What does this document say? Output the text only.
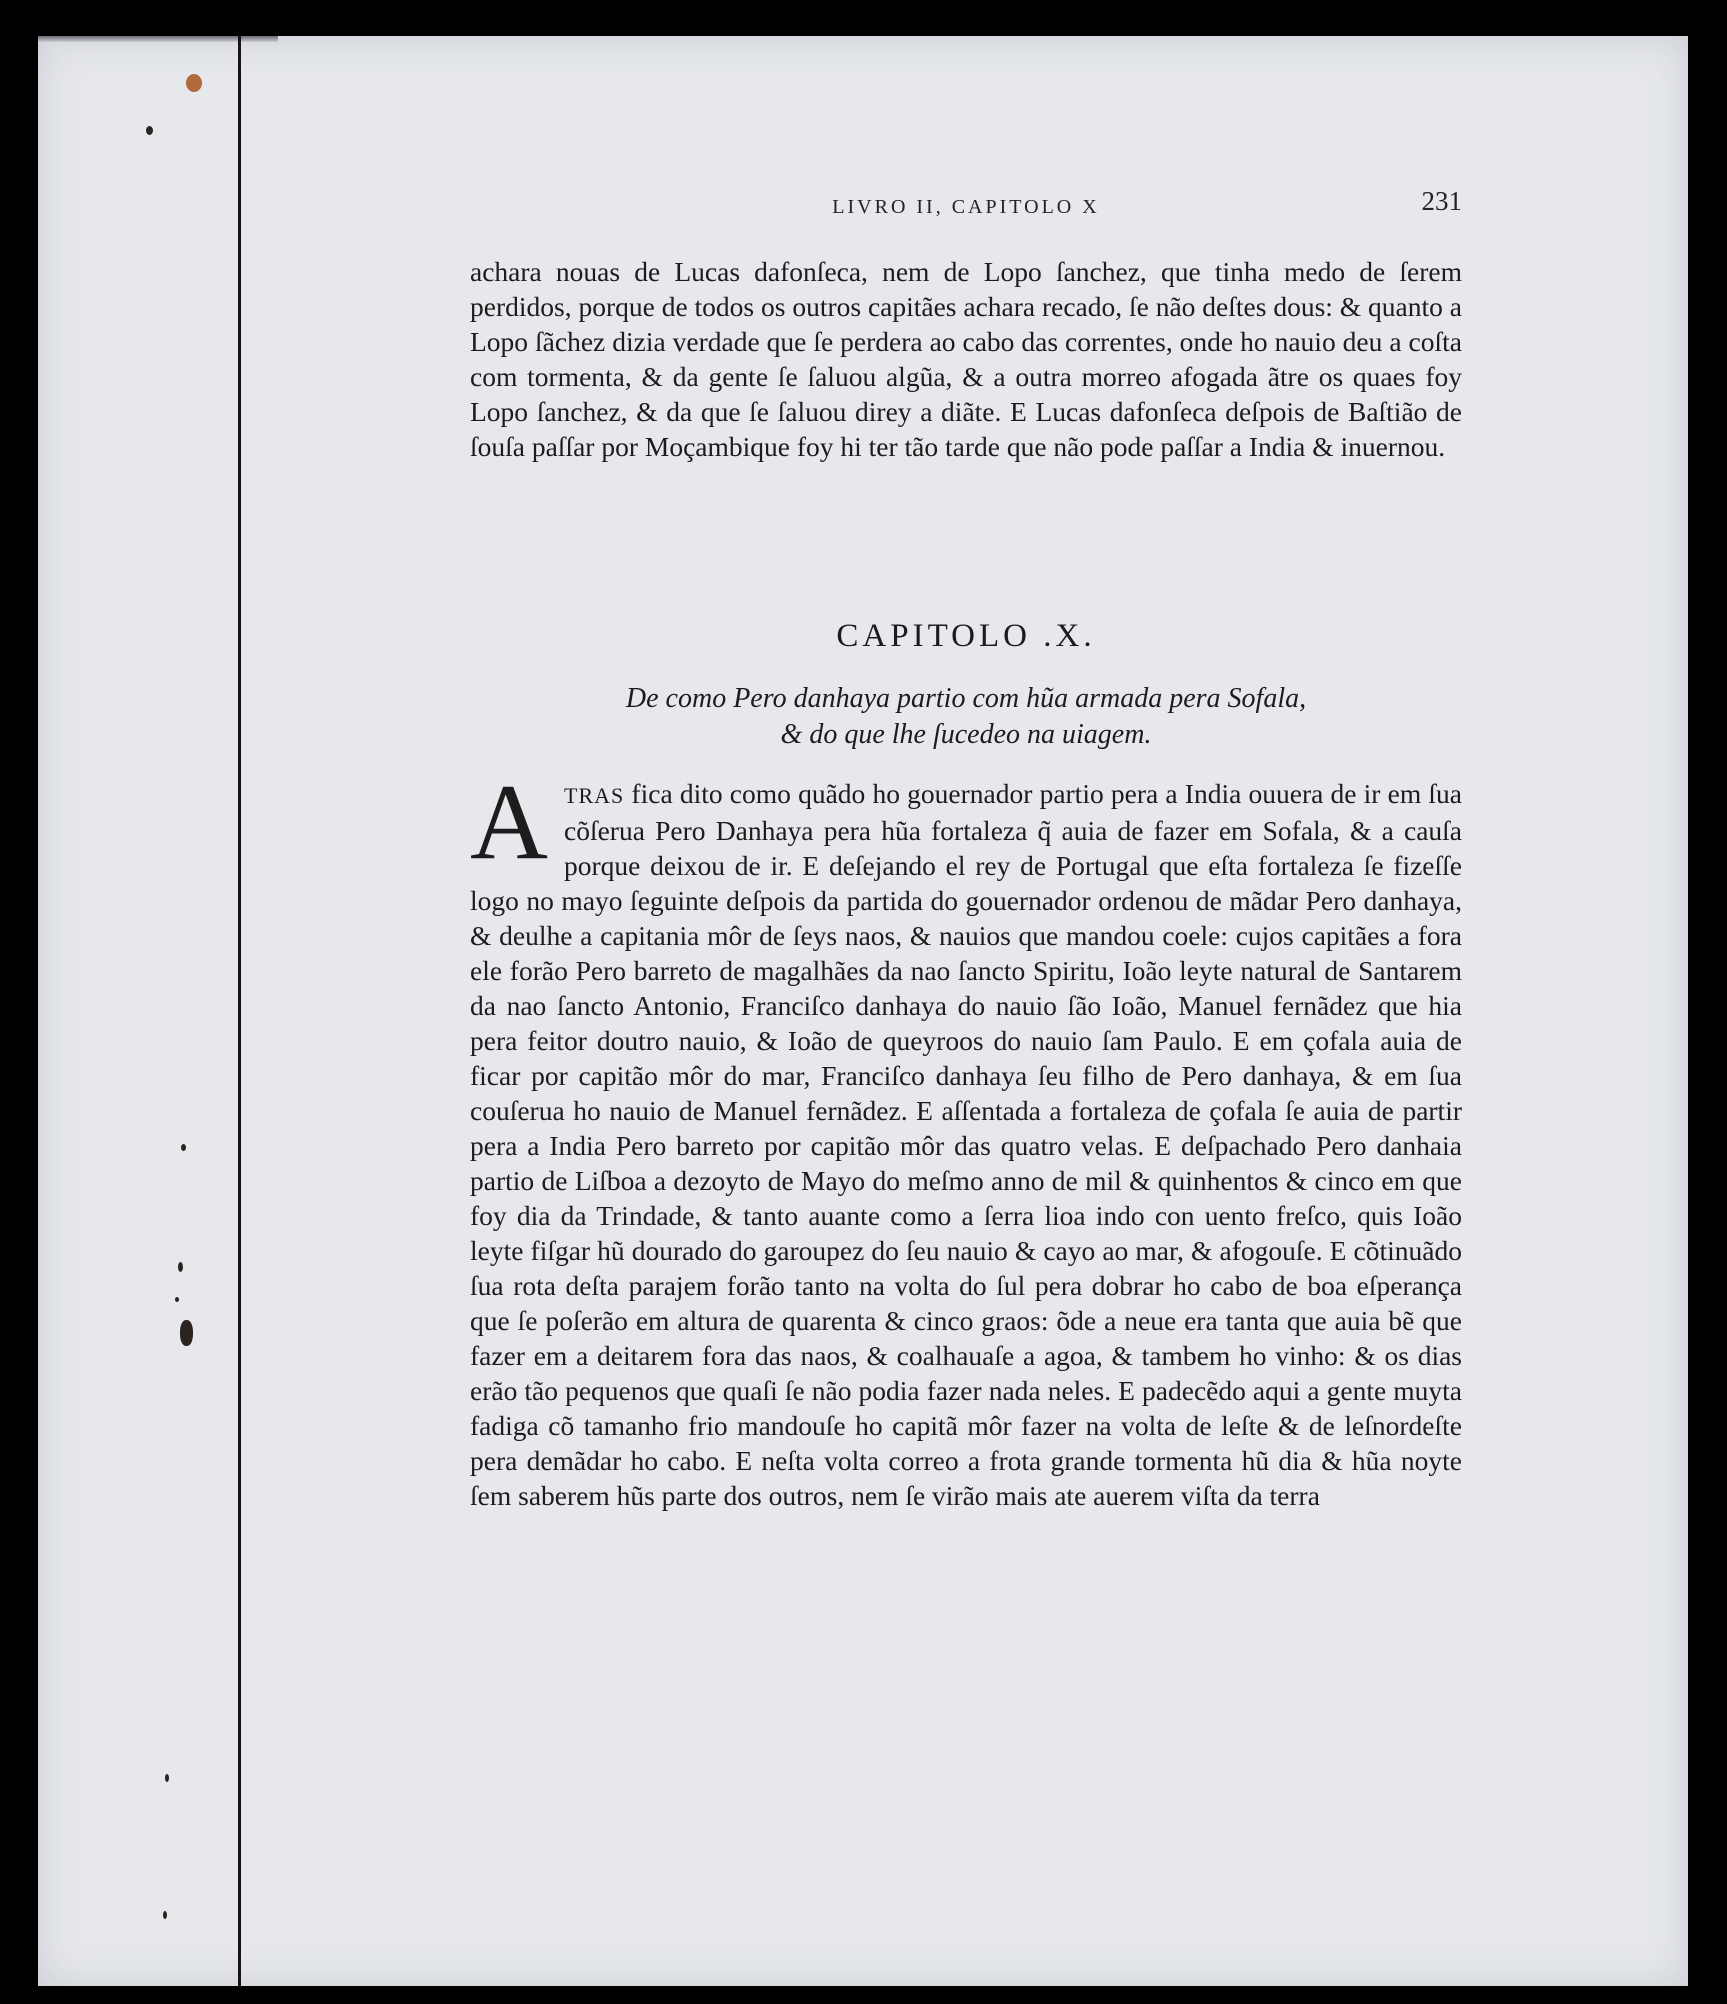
LIVRO II, CAPITOLO X	231

achara nouas de Lucas dafonſeca, nem de Lopo ſanchez, que tinha medo de ſerem perdidos, porque de todos os outros capitães achara recado, ſe não deſtes dous: & quanto a Lopo ſãchez dizia verdade que ſe perdera ao cabo das correntes, onde ho nauio deu a coſta com tormenta, & da gente ſe ſaluou algũa, & a outra morreo afogada ãtre os quaes foy Lopo ſanchez, & da que ſe ſaluou direy a diãte. E Lucas dafonſeca deſpois de Baſtião de ſouſa paſſar por Moçambique foy hi ter tão tarde que não pode paſſar a India & inuernou.

CAPITOLO .X.
De como Pero danhaya partio com hũa armada pera Sofala,
& do que lhe ſucedeo na uiagem.

ATRAS fica dito como quãdo ho gouernador partio pera a India ouuera de ir em ſua cõſerua Pero Danhaya pera hũa fortaleza q̃ auia de fazer em Sofala, & a cauſa porque deixou de ir. E deſejando el rey de Portugal que eſta fortaleza ſe fizeſſe logo no mayo ſeguinte deſpois da partida do gouernador ordenou de mãdar Pero danhaya, & deulhe a capitania môr de ſeys naos, & nauios que mandou coele: cujos capitães a fora ele forão Pero barreto de magalhães da nao ſancto Spiritu, Ioão leyte natural de Santarem da nao ſancto Antonio, Franciſco danhaya do nauio ſão Ioão, Manuel fernãdez que hia pera feitor doutro nauio, & Ioão de queyroos do nauio ſam Paulo. E em çofala auia de ficar por capitão môr do mar, Franciſco danhaya ſeu filho de Pero danhaya, & em ſua couſerua ho nauio de Manuel fernãdez. E aſſentada a fortaleza de çofala ſe auia de partir pera a India Pero barreto por capitão môr das quatro velas. E deſpachado Pero danhaia partio de Liſboa a dezoyto de Mayo do meſmo anno de mil & quinhentos & cinco em que foy dia da Trindade, & tanto auante como a ſerra lioa indo con uento freſco, quis Ioão leyte fiſgar hũ dourado do garoupez do ſeu nauio & cayo ao mar, & afogouſe. E cõtinuãdo ſua rota deſta parajem forão tanto na volta do ſul pera dobrar ho cabo de boa eſperança que ſe poſerão em altura de quarenta & cinco graos: õde a neue era tanta que auia bẽ que fazer em a deitarem fora das naos, & coalhauaſe a agoa, & tambem ho vinho: & os dias erão tão pequenos que quaſi ſe não podia fazer nada neles. E padecẽdo aqui a gente muyta fadiga cõ tamanho frio mandouſe ho capitã môr fazer na volta de leſte & de leſnordeſte pera demãdar ho cabo. E neſta volta correo a frota grande tormenta hũ dia & hũa noyte ſem saberem hũs parte dos outros, nem ſe virão mais ate auerem viſta da terra
